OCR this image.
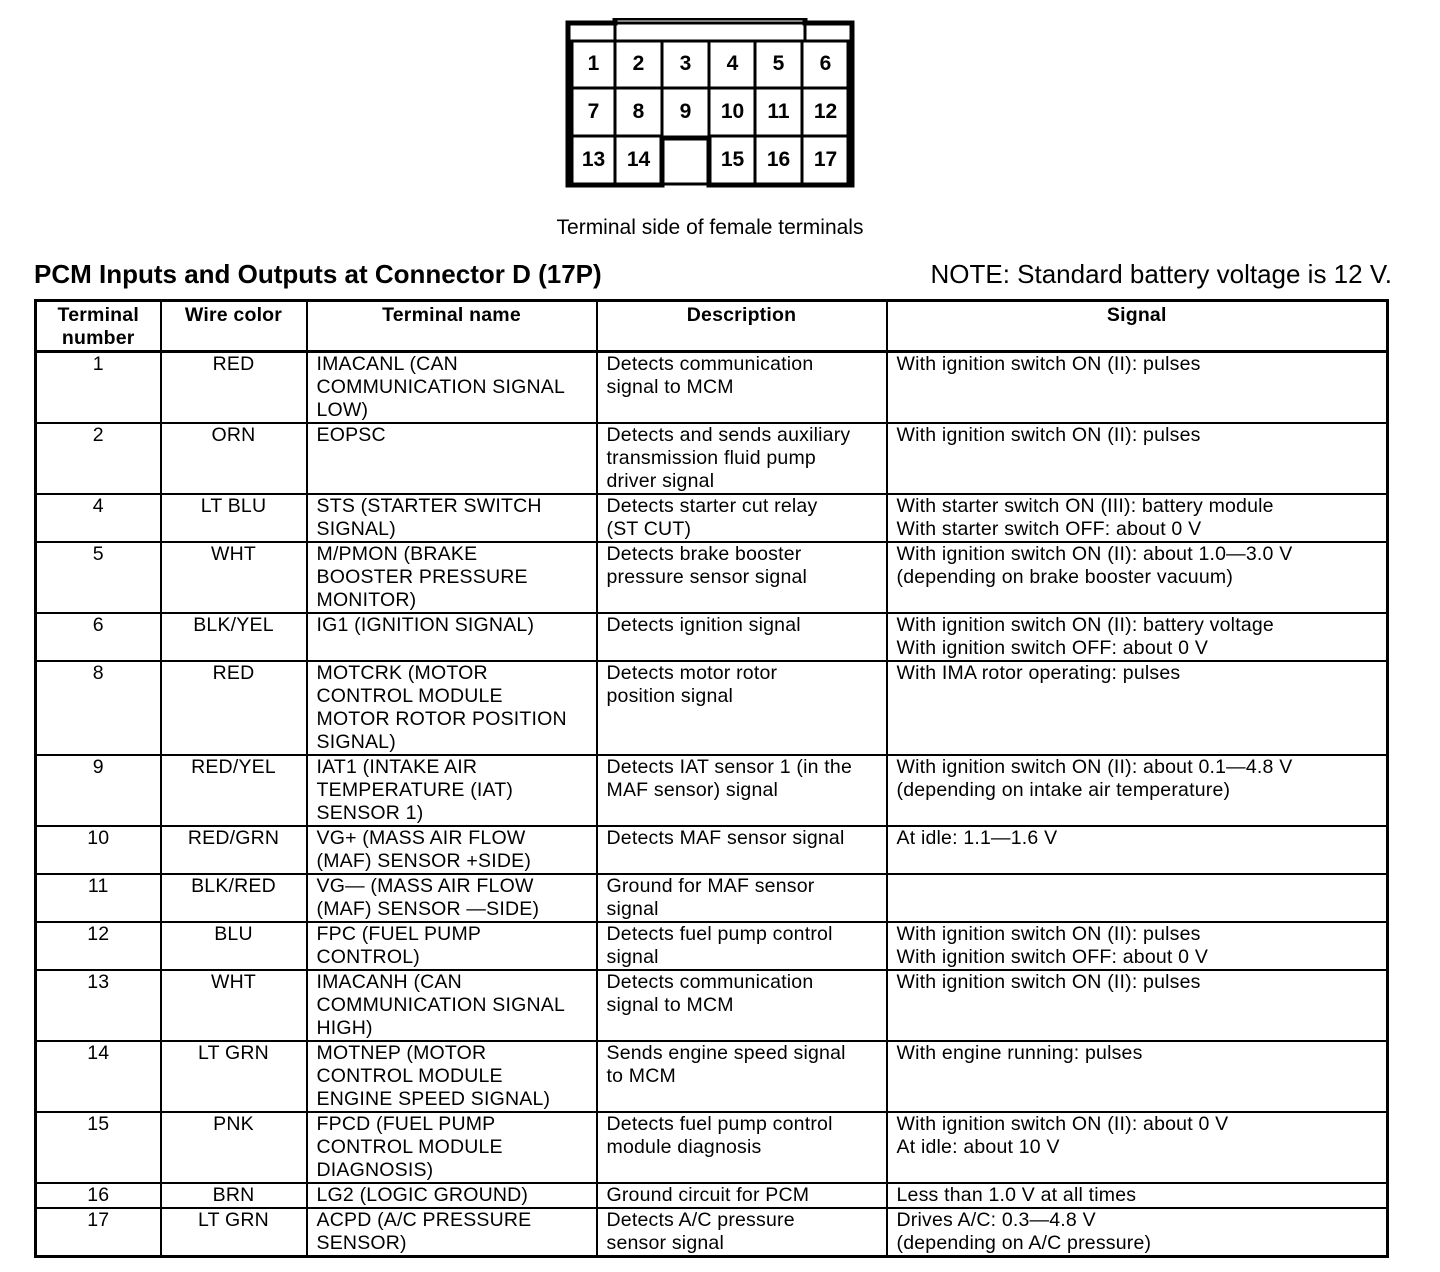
1	2	3	4	5	6
7	8	9	10	11	12
13	14	15	16	17
Terminal side of female terminals
PCM Inputs and Outputs at Connector D (17P)	NOTE: Standard battery voltage is 12 V.
Terminal
number	Wire color	Terminal name	Description	Signal
1	RED	IMACANL (CAN
COMMUNICATION SIGNAL
LOW)	Detects communication
signal to MCM	With ignition switch ON (II): pulses
2	ORN	EOPSC	Detects and sends auxiliary
transmission fluid pump
driver signal	With ignition switch ON (II): pulses
4	LT BLU	STS (STARTER SWITCH
SIGNAL)	Detects starter cut relay
(ST CUT)	With starter switch ON (III): battery module
With starter switch OFF: about 0 V
5	WHT	M/PMON (BRAKE
BOOSTER PRESSURE
MONITOR)	Detects brake booster
pressure sensor signal	With ignition switch ON (II): about 1.0—3.0 V
(depending on brake booster vacuum)
6	BLK/YEL	IG1 (IGNITION SIGNAL)	Detects ignition signal	With ignition switch ON (II): battery voltage
With ignition switch OFF: about 0 V
8	RED	MOTCRK (MOTOR
CONTROL MODULE
MOTOR ROTOR POSITION
SIGNAL)	Detects motor rotor
position signal	With IMA rotor operating: pulses
9	RED/YEL	IAT1 (INTAKE AIR
TEMPERATURE (IAT)
SENSOR 1)	Detects IAT sensor 1 (in the
MAF sensor) signal	With ignition switch ON (II): about 0.1—4.8 V
(depending on intake air temperature)
10	RED/GRN	VG+ (MASS AIR FLOW
(MAF) SENSOR +SIDE)	Detects MAF sensor signal	At idle: 1.1—1.6 V
11	BLK/RED	VG— (MASS AIR FLOW
(MAF) SENSOR —SIDE)	Ground for MAF sensor
signal	
12	BLU	FPC (FUEL PUMP
CONTROL)	Detects fuel pump control
signal	With ignition switch ON (II): pulses
With ignition switch OFF: about 0 V
13	WHT	IMACANH (CAN
COMMUNICATION SIGNAL
HIGH)	Detects communication
signal to MCM	With ignition switch ON (II): pulses
14	LT GRN	MOTNEP (MOTOR
CONTROL MODULE
ENGINE SPEED SIGNAL)	Sends engine speed signal
to MCM	With engine running: pulses
15	PNK	FPCD (FUEL PUMP
CONTROL MODULE
DIAGNOSIS)	Detects fuel pump control
module diagnosis	With ignition switch ON (II): about 0 V
At idle: about 10 V
16	BRN	LG2 (LOGIC GROUND)	Ground circuit for PCM	Less than 1.0 V at all times
17	LT GRN	ACPD (A/C PRESSURE
SENSOR)	Detects A/C pressure
sensor signal	Drives A/C: 0.3—4.8 V
(depending on A/C pressure)
